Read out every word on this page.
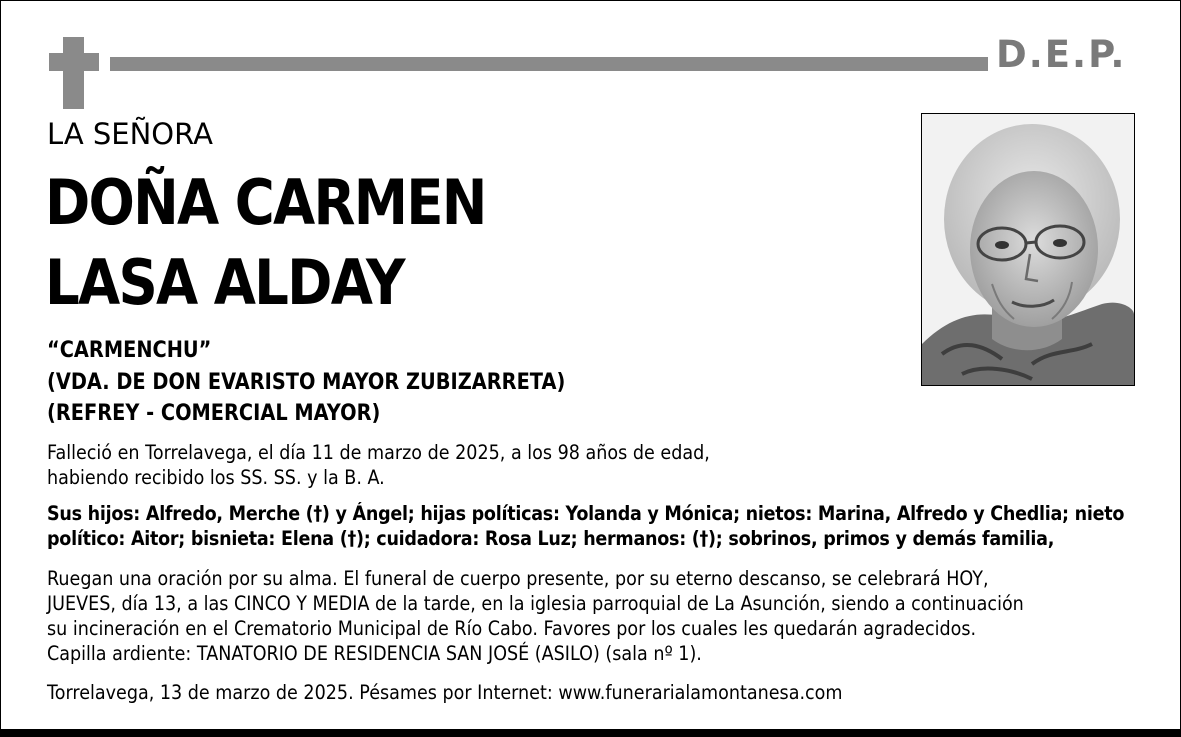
D.E.P.
LA SEÑORA
DOÑA CARMEN
LASA ALDAY
“CARMENCHU”
(VDA. DE DON EVARISTO MAYOR ZUBIZARRETA)
(REFREY - COMERCIAL MAYOR)
Falleció en Torrelavega, el día 11 de marzo de 2025, a los 98 años de edad,
habiendo recibido los SS. SS. y la B. A.
Sus hijos: Alfredo, Merche (†) y Ángel; hijas políticas: Yolanda y Mónica; nietos: Marina, Alfredo y Chedlia; nieto político: Aitor; bisnieta: Elena (†); cuidadora: Rosa Luz; hermanos: (†); sobrinos, primos y demás familia,
Ruegan una oración por su alma. El funeral de cuerpo presente, por su eterno descanso, se celebrará HOY,
JUEVES, día 13, a las CINCO Y MEDIA de la tarde, en la iglesia parroquial de La Asunción, siendo a continuación
su incineración en el Crematorio Municipal de Río Cabo. Favores por los cuales les quedarán agradecidos.
Capilla ardiente: TANATORIO DE RESIDENCIA SAN JOSÉ (ASILO) (sala nº 1).
Torrelavega, 13 de marzo de 2025. Pésames por Internet: www.funerarialamontanesa.com
